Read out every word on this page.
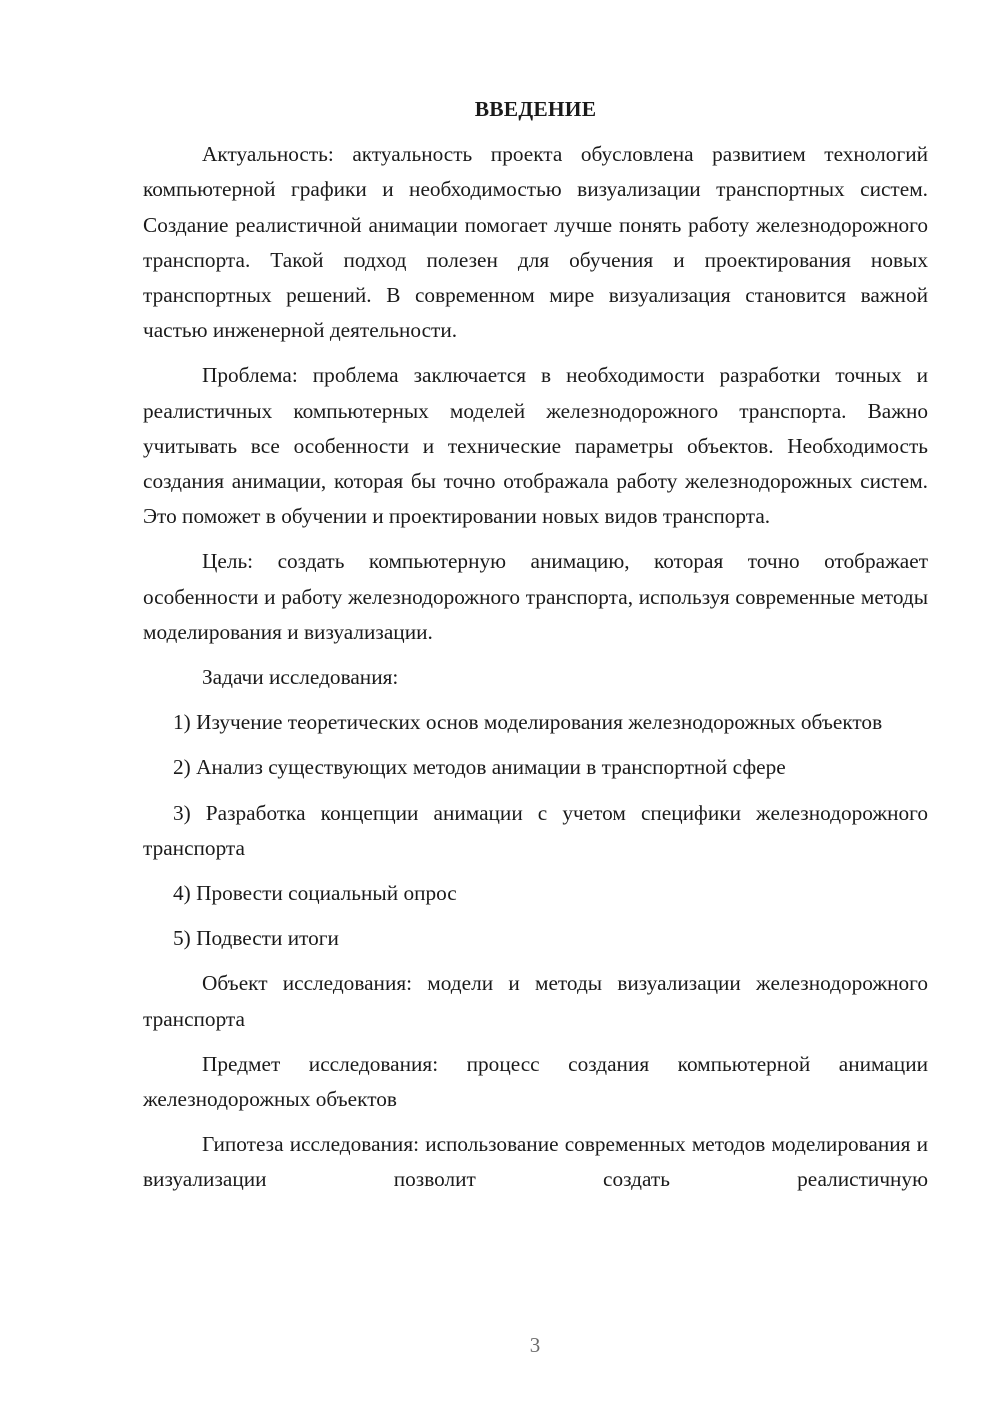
ВВЕДЕНИЕ

Актуальность: актуальность проекта обусловлена развитием технологий компьютерной графики и необходимостью визуализации транспортных систем. Создание реалистичной анимации помогает лучше понять работу железнодорожного транспорта. Такой подход полезен для обучения и проектирования новых транспортных решений. В современном мире визуализация становится важной частью инженерной деятельности.

Проблема: проблема заключается в необходимости разработки точных и реалистичных компьютерных моделей железнодорожного транспорта. Важно учитывать все особенности и технические параметры объектов. Необходимость создания анимации, которая бы точно отображала работу железнодорожных систем. Это поможет в обучении и проектировании новых видов транспорта.

Цель: создать компьютерную анимацию, которая точно отображает особенности и работу железнодорожного транспорта, используя современные методы моделирования и визуализации.

Задачи исследования:

1) Изучение теоретических основ моделирования железнодорожных объектов

2) Анализ существующих методов анимации в транспортной сфере

3) Разработка концепции анимации с учетом специфики железнодорожного транспорта

4) Провести социальный опрос

5) Подвести итоги

Объект исследования: модели и методы визуализации железнодорожного транспорта

Предмет исследования: процесс создания компьютерной анимации железнодорожных объектов

Гипотеза исследования: использование современных методов моделирования и визуализации позволит создать реалистичную

3
